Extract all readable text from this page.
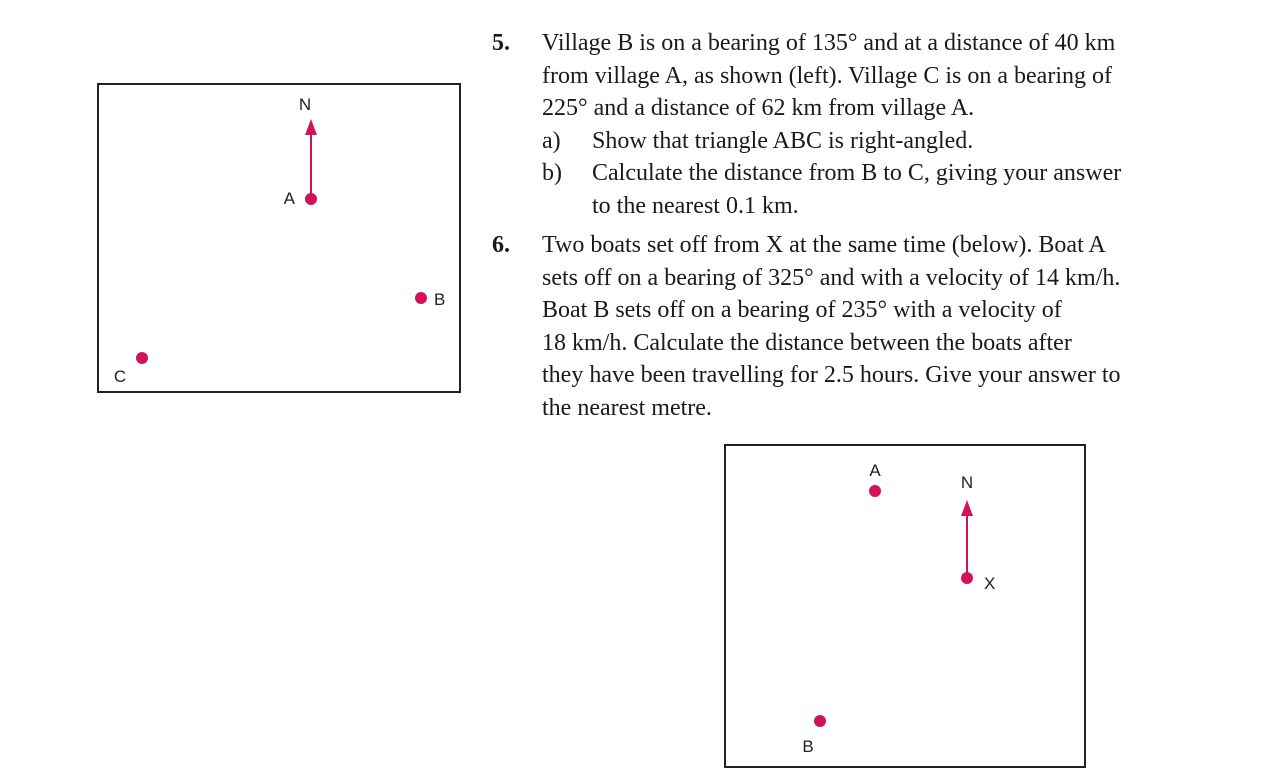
N
A
B
C
5. Village B is on a bearing of 135° and at a distance of 40 km
from village A, as shown (left). Village C is on a bearing of
225° and a distance of 62 km from village A.
a) Show that triangle ABC is right-angled.
b) Calculate the distance from B to C, giving your answer
to the nearest 0.1 km.
6. Two boats set off from X at the same time (below). Boat A
sets off on a bearing of 325° and with a velocity of 14 km/h.
Boat B sets off on a bearing of 235° with a velocity of
18 km/h. Calculate the distance between the boats after
they have been travelling for 2.5 hours. Give your answer to
the nearest metre.
A
N
X
B
